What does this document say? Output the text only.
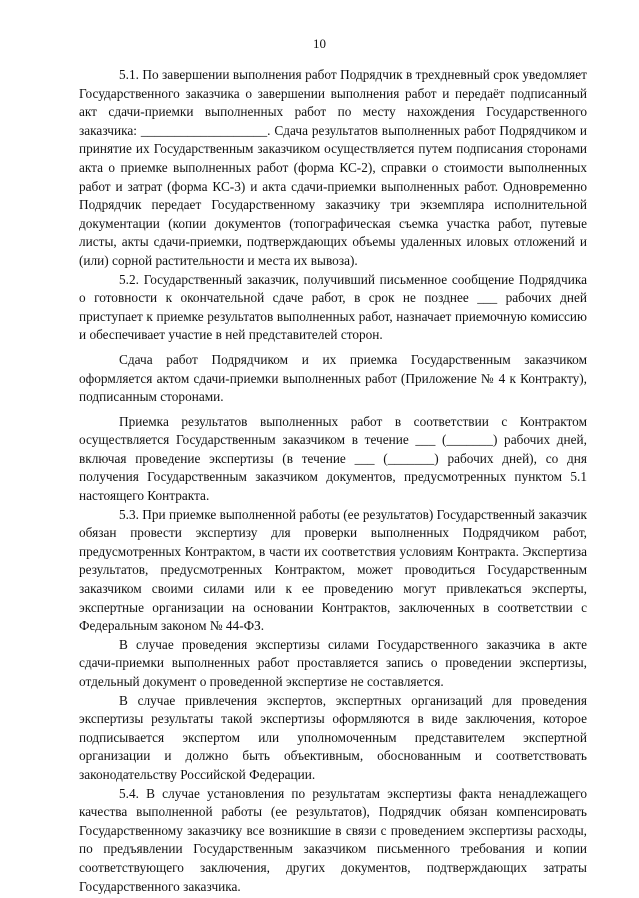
10

5.1. По завершении выполнения работ Подрядчик в трехдневный срок уведомляет Государственного заказчика о завершении выполнения работ и передаёт подписанный акт сдачи-приемки выполненных работ по месту нахождения Государственного заказчика: ___________________. Сдача результатов выполненных работ Подрядчиком и принятие их Государственным заказчиком осуществляется путем подписания сторонами акта о приемке выполненных работ (форма КС-2), справки о стоимости выполненных работ и затрат (форма КС-3) и акта сдачи-приемки выполненных работ. Одновременно Подрядчик передает Государственному заказчику три экземпляра исполнительной документации (копии документов (топографическая съемка участка работ, путевые листы, акты сдачи-приемки, подтверждающих объемы удаленных иловых отложений и (или) сорной растительности и места их вывоза).

5.2. Государственный заказчик, получивший письменное сообщение Подрядчика о готовности к окончательной сдаче работ, в срок не позднее ___ рабочих дней приступает к приемке результатов выполненных работ, назначает приемочную комиссию и обеспечивает участие в ней представителей сторон.

Сдача работ Подрядчиком и их приемка Государственным заказчиком оформляется актом сдачи-приемки выполненных работ (Приложение № 4 к Контракту), подписанным сторонами.

Приемка результатов выполненных работ в соответствии с Контрактом осуществляется Государственным заказчиком в течение ___ (_______) рабочих дней, включая проведение экспертизы (в течение ___ (_______) рабочих дней), со дня получения Государственным заказчиком документов, предусмотренных пунктом 5.1 настоящего Контракта.

5.3. При приемке выполненной работы (ее результатов) Государственный заказчик обязан провести экспертизу для проверки выполненных Подрядчиком работ, предусмотренных Контрактом, в части их соответствия условиям Контракта. Экспертиза результатов, предусмотренных Контрактом, может проводиться Государственным заказчиком своими силами или к ее проведению могут привлекаться эксперты, экспертные организации на основании Контрактов, заключенных в соответствии с Федеральным законом № 44-ФЗ.

В случае проведения экспертизы силами Государственного заказчика в акте сдачи-приемки выполненных работ проставляется запись о проведении экспертизы, отдельный документ о проведенной экспертизе не составляется.

В случае привлечения экспертов, экспертных организаций для проведения экспертизы результаты такой экспертизы оформляются в виде заключения, которое подписывается экспертом или уполномоченным представителем экспертной организации и должно быть объективным, обоснованным и соответствовать законодательству Российской Федерации.

5.4. В случае установления по результатам экспертизы факта ненадлежащего качества выполненной работы (ее результатов), Подрядчик обязан компенсировать Государственному заказчику все возникшие в связи с проведением экспертизы расходы, по предъявлении Государственным заказчиком письменного требования и копии соответствующего заключения, других документов, подтверждающих затраты Государственного заказчика.
